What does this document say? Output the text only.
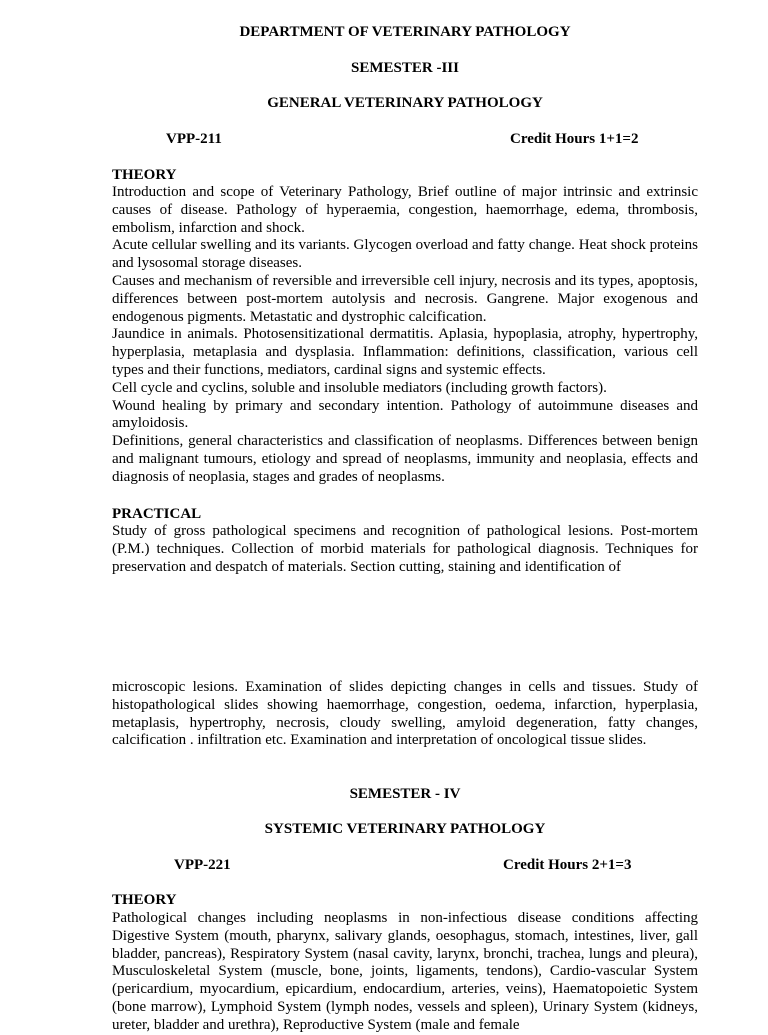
DEPARTMENT OF VETERINARY PATHOLOGY

SEMESTER -III

GENERAL VETERINARY PATHOLOGY

VPP-211	Credit Hours 1+1=2

THEORY

Introduction and scope of Veterinary Pathology, Brief outline of major intrinsic and extrinsic causes of disease. Pathology of hyperaemia, congestion, haemorrhage, edema, thrombosis, embolism, infarction and shock.

Acute cellular swelling and its variants. Glycogen overload and fatty change. Heat shock proteins and lysosomal storage diseases.

Causes and mechanism of reversible and irreversible cell injury, necrosis and its types, apoptosis, differences between post-mortem autolysis and necrosis. Gangrene. Major exogenous and endogenous pigments. Metastatic and dystrophic calcification.

Jaundice in animals. Photosensitizational dermatitis. Aplasia, hypoplasia, atrophy, hypertrophy, hyperplasia, metaplasia and dysplasia. Inflammation: definitions, classification, various cell types and their functions, mediators, cardinal signs and systemic effects.

Cell cycle and cyclins, soluble and insoluble mediators (including growth factors).

Wound healing by primary and secondary intention. Pathology of autoimmune diseases and amyloidosis.

Definitions, general characteristics and classification of neoplasms. Differences between benign and malignant tumours, etiology and spread of neoplasms, immunity and neoplasia, effects and diagnosis of neoplasia, stages and grades of neoplasms.

PRACTICAL

Study of gross pathological specimens and recognition of pathological lesions. Post-mortem (P.M.) techniques. Collection of morbid materials for pathological diagnosis. Techniques for preservation and despatch of materials. Section cutting, staining and identification of

microscopic lesions. Examination of slides depicting changes in cells and tissues. Study of histopathological slides showing haemorrhage, congestion, oedema, infarction, hyperplasia, metaplasis, hypertrophy, necrosis, cloudy swelling, amyloid degeneration, fatty changes, calcification . infiltration etc. Examination and interpretation of oncological tissue slides.

SEMESTER - IV

SYSTEMIC VETERINARY PATHOLOGY

VPP-221	Credit Hours 2+1=3

THEORY

Pathological changes including neoplasms in non-infectious disease conditions affecting Digestive System (mouth, pharynx, salivary glands, oesophagus, stomach, intestines, liver, gall bladder, pancreas), Respiratory System (nasal cavity, larynx, bronchi, trachea, lungs and pleura), Musculoskeletal System (muscle, bone, joints, ligaments, tendons), Cardio-vascular System (pericardium, myocardium, epicardium, endocardium, arteries, veins), Haematopoietic System (bone marrow), Lymphoid System (lymph nodes, vessels and spleen), Urinary System (kidneys, ureter, bladder and urethra), Reproductive System (male and female
